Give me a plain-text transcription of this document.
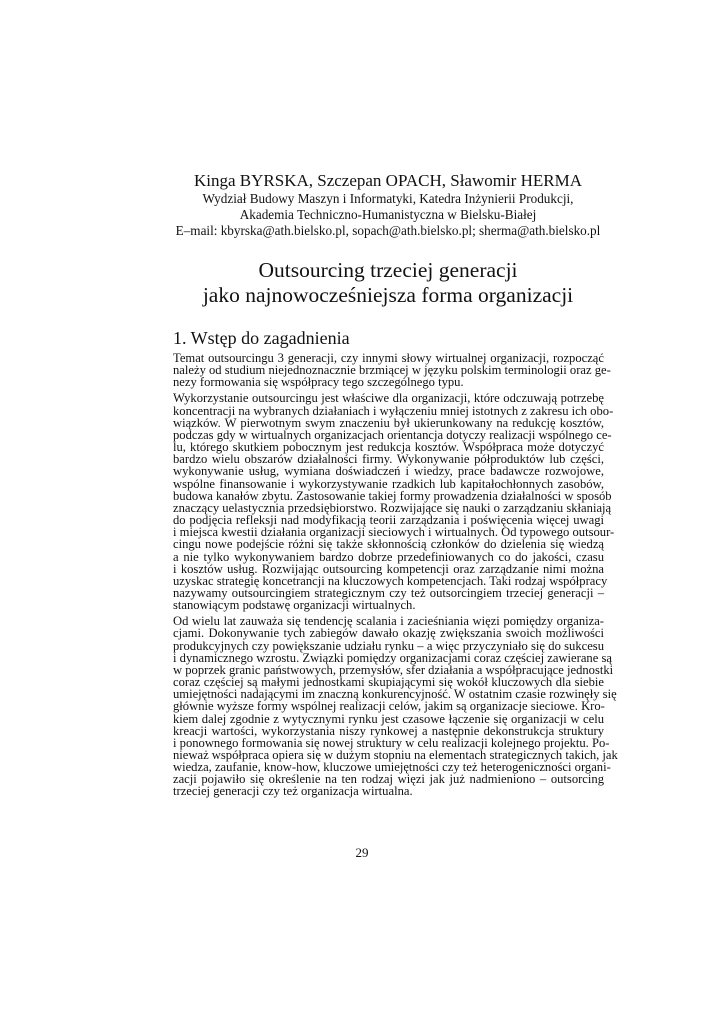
Kinga BYRSKA, Szczepan OPACH, Sławomir HERMA

Wydział Budowy Maszyn i Informatyki, Katedra Inżynierii Produkcji,

Akademia Techniczno-Humanistyczna w Bielsku-Białej

E–mail: kbyrska@ath.bielsko.pl, sopach@ath.bielsko.pl; sherma@ath.bielsko.pl

Outsourcing trzeciej generacji

jako najnowocześniejsza forma organizacji

1. Wstęp do zagadnienia

Temat outsourcingu 3 generacji, czy innymi słowy wirtualnej organizacji, rozpocząć
należy od studium niejednoznacznie brzmiącej w języku polskim terminologii oraz ge-
nezy formowania się współpracy tego szczególnego typu.

Wykorzystanie outsourcingu jest właściwe dla organizacji, które odczuwają potrzebę
koncentracji na wybranych działaniach i wyłączeniu mniej istotnych z zakresu ich obo-
wiązków. W pierwotnym swym znaczeniu był ukierunkowany na redukcję kosztów,
podczas gdy w wirtualnych organizacjach orientancja dotyczy realizacji wspólnego ce-
lu, którego skutkiem pobocznym jest redukcja kosztów. Współpraca może dotyczyć
bardzo wielu obszarów działalności firmy. Wykonywanie półproduktów lub części,
wykonywanie usług, wymiana doświadczeń i wiedzy, prace badawcze rozwojowe,
wspólne finansowanie i wykorzystywanie rzadkich lub kapitałochłonnych zasobów,
budowa kanałów zbytu. Zastosowanie takiej formy prowadzenia działalności w sposób
znaczący uelastycznia przedsiębiorstwo. Rozwijające się nauki o zarządzaniu skłaniają
do podjęcia refleksji nad modyfikacją teorii zarządzania i poświęcenia więcej uwagi
i miejsca kwestii działania organizacji sieciowych i wirtualnych. Od typowego outsour-
cingu nowe podejście różni się także skłonnością członków do dzielenia się wiedzą
a nie tylko wykonywaniem bardzo dobrze przedefiniowanych co do jakości, czasu
i kosztów usług. Rozwijając outsourcing kompetencji oraz zarządzanie nimi można
uzyskac strategię koncetrancji na kluczowych kompetencjach. Taki rodzaj współpracy
nazywamy outsourcingiem strategicznym czy też outsorcingiem trzeciej generacji –
stanowiącym podstawę organizacji wirtualnych.

Od wielu lat zauważa się tendencję scalania i zacieśniania więzi pomiędzy organiza-
cjami. Dokonywanie tych zabiegów dawało okazję zwiększania swoich możliwości
produkcyjnych czy powiększanie udziału rynku – a więc przyczyniało się do sukcesu
i dynamicznego wzrostu. Związki pomiędzy organizacjami coraz częściej zawierane są
w poprzek granic państwowych, przemysłów, sfer działania a współpracujące jednostki
coraz częściej są małymi jednostkami skupiającymi się wokół kluczowych dla siebie
umiejętności nadającymi im znaczną konkurencyjność. W ostatnim czasie rozwinęły się
głównie wyższe formy wspólnej realizacji celów, jakim są organizacje sieciowe. Kro-
kiem dalej zgodnie z wytycznymi rynku jest czasowe łączenie się organizacji w celu
kreacji wartości, wykorzystania niszy rynkowej a następnie dekonstrukcja struktury
i ponownego formowania się nowej struktury w celu realizacji kolejnego projektu. Po-
nieważ współpraca opiera się w dużym stopniu na elementach strategicznych takich, jak
wiedza, zaufanie, know-how, kluczowe umiejętności czy też heterogeniczności organi-
zacji pojawiło się określenie na ten rodzaj więzi jak już nadmieniono – outsorcing
trzeciej generacji czy też organizacja wirtualna.

29
